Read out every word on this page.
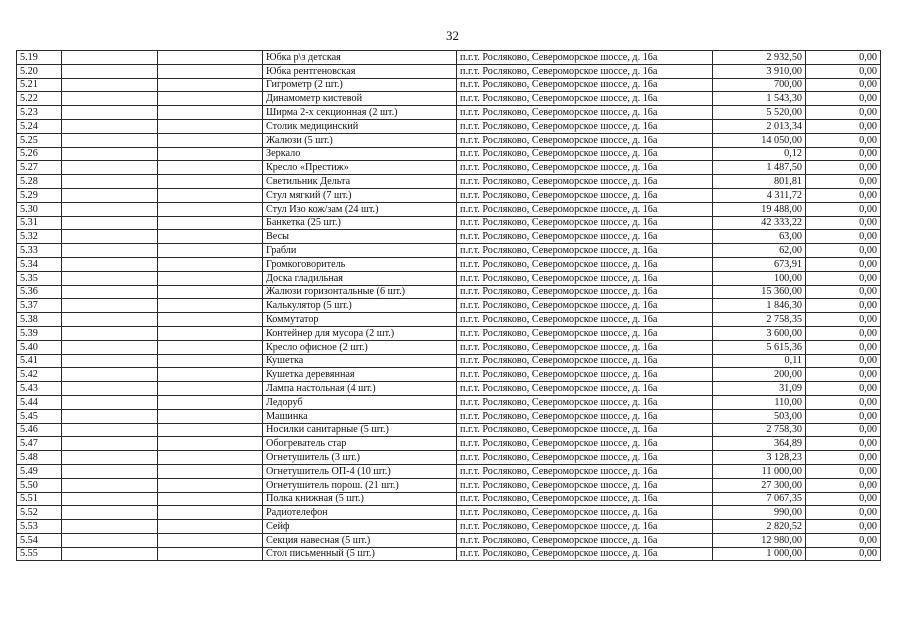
32
5.19			Юбка р\з детская	п.г.т. Росляково, Североморское шоссе, д. 16а	2 932,50	0,00
5.20			Юбка рентгеновская	п.г.т. Росляково, Североморское шоссе, д. 16а	3 910,00	0,00
5.21			Гигрометр (2 шт.)	п.г.т. Росляково, Североморское шоссе, д. 16а	700,00	0,00
5.22			Динамометр кистевой	п.г.т. Росляково, Североморское шоссе, д. 16а	1 543,30	0,00
5.23			Ширма 2-х секционная (2 шт.)	п.г.т. Росляково, Североморское шоссе, д. 16а	5 520,00	0,00
5.24			Столик медицинский	п.г.т. Росляково, Североморское шоссе, д. 16а	2 013,34	0,00
5.25			Жалюзи (5 шт.)	п.г.т. Росляково, Североморское шоссе, д. 16а	14 050,00	0,00
5.26			Зеркало	п.г.т. Росляково, Североморское шоссе, д. 16а	0,12	0,00
5.27			Кресло «Престиж»	п.г.т. Росляково, Североморское шоссе, д. 16а	1 487,50	0,00
5.28			Светильник Дельта	п.г.т. Росляково, Североморское шоссе, д. 16а	801,81	0,00
5.29			Стул мягкий (7 шт.)	п.г.т. Росляково, Североморское шоссе, д. 16а	4 311,72	0,00
5.30			Стул Изо кож/зам (24 шт.)	п.г.т. Росляково, Североморское шоссе, д. 16а	19 488,00	0,00
5.31			Банкетка (25 шт.)	п.г.т. Росляково, Североморское шоссе, д. 16а	42 333,22	0,00
5.32			Весы	п.г.т. Росляково, Североморское шоссе, д. 16а	63,00	0,00
5.33			Грабли	п.г.т. Росляково, Североморское шоссе, д. 16а	62,00	0,00
5.34			Громкоговоритель	п.г.т. Росляково, Североморское шоссе, д. 16а	673,91	0,00
5.35			Доска гладильная	п.г.т. Росляково, Североморское шоссе, д. 16а	100,00	0,00
5.36			Жалюзи горизонтальные (6 шт.)	п.г.т. Росляково, Североморское шоссе, д. 16а	15 360,00	0,00
5.37			Калькулятор (5 шт.)	п.г.т. Росляково, Североморское шоссе, д. 16а	1 846,30	0,00
5.38			Коммутатор	п.г.т. Росляково, Североморское шоссе, д. 16а	2 758,35	0,00
5.39			Контейнер для мусора (2 шт.)	п.г.т. Росляково, Североморское шоссе, д. 16а	3 600,00	0,00
5.40			Кресло офисное (2 шт.)	п.г.т. Росляково, Североморское шоссе, д. 16а	5 615,36	0,00
5.41			Кушетка	п.г.т. Росляково, Североморское шоссе, д. 16а	0,11	0,00
5.42			Кушетка деревянная	п.г.т. Росляково, Североморское шоссе, д. 16а	200,00	0,00
5.43			Лампа настольная (4 шт.)	п.г.т. Росляково, Североморское шоссе, д. 16а	31,09	0,00
5.44			Ледоруб	п.г.т. Росляково, Североморское шоссе, д. 16а	110,00	0,00
5.45			Машинка	п.г.т. Росляково, Североморское шоссе, д. 16а	503,00	0,00
5.46			Носилки санитарные (5 шт.)	п.г.т. Росляково, Североморское шоссе, д. 16а	2 758,30	0,00
5.47			Обогреватель стар	п.г.т. Росляково, Североморское шоссе, д. 16а	364,89	0,00
5.48			Огнетушитель (3 шт.)	п.г.т. Росляково, Североморское шоссе, д. 16а	3 128,23	0,00
5.49			Огнетушитель ОП-4 (10 шт.)	п.г.т. Росляково, Североморское шоссе, д. 16а	11 000,00	0,00
5.50			Огнетушитель порош. (21 шт.)	п.г.т. Росляково, Североморское шоссе, д. 16а	27 300,00	0,00
5.51			Полка книжная (5 шт.)	п.г.т. Росляково, Североморское шоссе, д. 16а	7 067,35	0,00
5.52			Радиотелефон	п.г.т. Росляково, Североморское шоссе, д. 16а	990,00	0,00
5.53			Сейф	п.г.т. Росляково, Североморское шоссе, д. 16а	2 820,52	0,00
5.54			Секция навесная (5 шт.)	п.г.т. Росляково, Североморское шоссе, д. 16а	12 980,00	0,00
5.55			Стол письменный (5 шт.)	п.г.т. Росляково, Североморское шоссе, д. 16а	1 000,00	0,00
